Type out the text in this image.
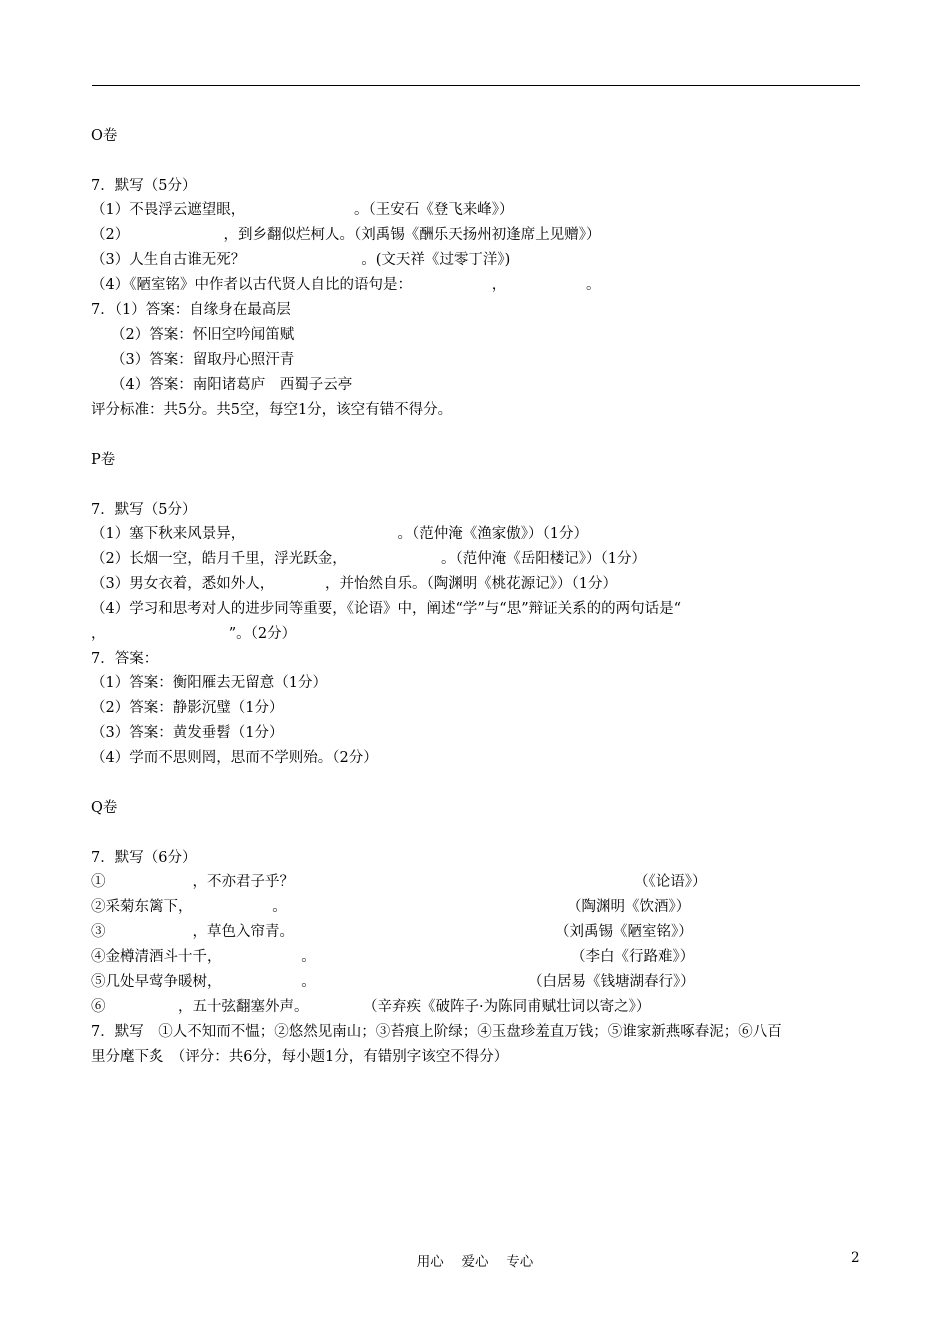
O卷
7．默写（5分）
（1）不畏浮云遮望眼，　　　　　　　　。（王安石《登飞来峰》）
（2）　　　　　　　，到乡翻似烂柯人。（刘禹锡《酬乐天扬州初逢席上见赠》）
（3）人生自古谁无死？　　　　　　　　。(文天祥《过零丁洋》)
（4）《陋室铭》中作者以古代贤人自比的语句是：　　　　　　，　　　　　　。
7．（1）答案：自缘身在最高层
（2）答案：怀旧空吟闻笛赋
（3）答案：留取丹心照汗青
（4）答案：南阳诸葛庐　西蜀子云亭
评分标准：共5分。共5空，每空1分，该空有错不得分。
P卷
7．默写（5分）
（1）塞下秋来风景异，　　　　　　　　　　　。（范仲淹《渔家傲》）（1分）
（2）长烟一空，皓月千里，浮光跃金，　　　　　　　。（范仲淹《岳阳楼记》）（1分）
（3）男女衣着，悉如外人，　　　　，并怡然自乐。（陶渊明《桃花源记》）（1分）
（4）学习和思考对人的进步同等重要，《论语》中，阐述“学”与“思”辩证关系的的两句话是“
，　　　　　　　　　”。（2分）
7．答案：
（1）答案：衡阳雁去无留意（1分）
（2）答案：静影沉璧（1分）
（3）答案：黄发垂髫（1分）
（4）学而不思则罔，思而不学则殆。（2分）
Q卷
7．默写（6分）
①　　　　　　，不亦君子乎？	（《论语》）
②采菊东篱下，　　　　　　。	（陶渊明《饮酒》）
③　　　　　　，草色入帘青。	（刘禹锡《陋室铭》）
④金樽清酒斗十千，　　　　　　。	（李白《行路难》）
⑤几处早莺争暖树，　　　　　　。	（白居易《钱塘湖春行》）
⑥　　　　　，五十弦翻塞外声。	（辛弃疾《破阵子·为陈同甫赋壮词以寄之》）
7．默写　①人不知而不愠；②悠然见南山；③苔痕上阶绿；④玉盘珍羞直万钱；⑤谁家新燕啄春泥；⑥八百
里分麾下炙　（评分：共6分，每小题1分，有错别字该空不得分）
用心　 爱心　 专心	2
